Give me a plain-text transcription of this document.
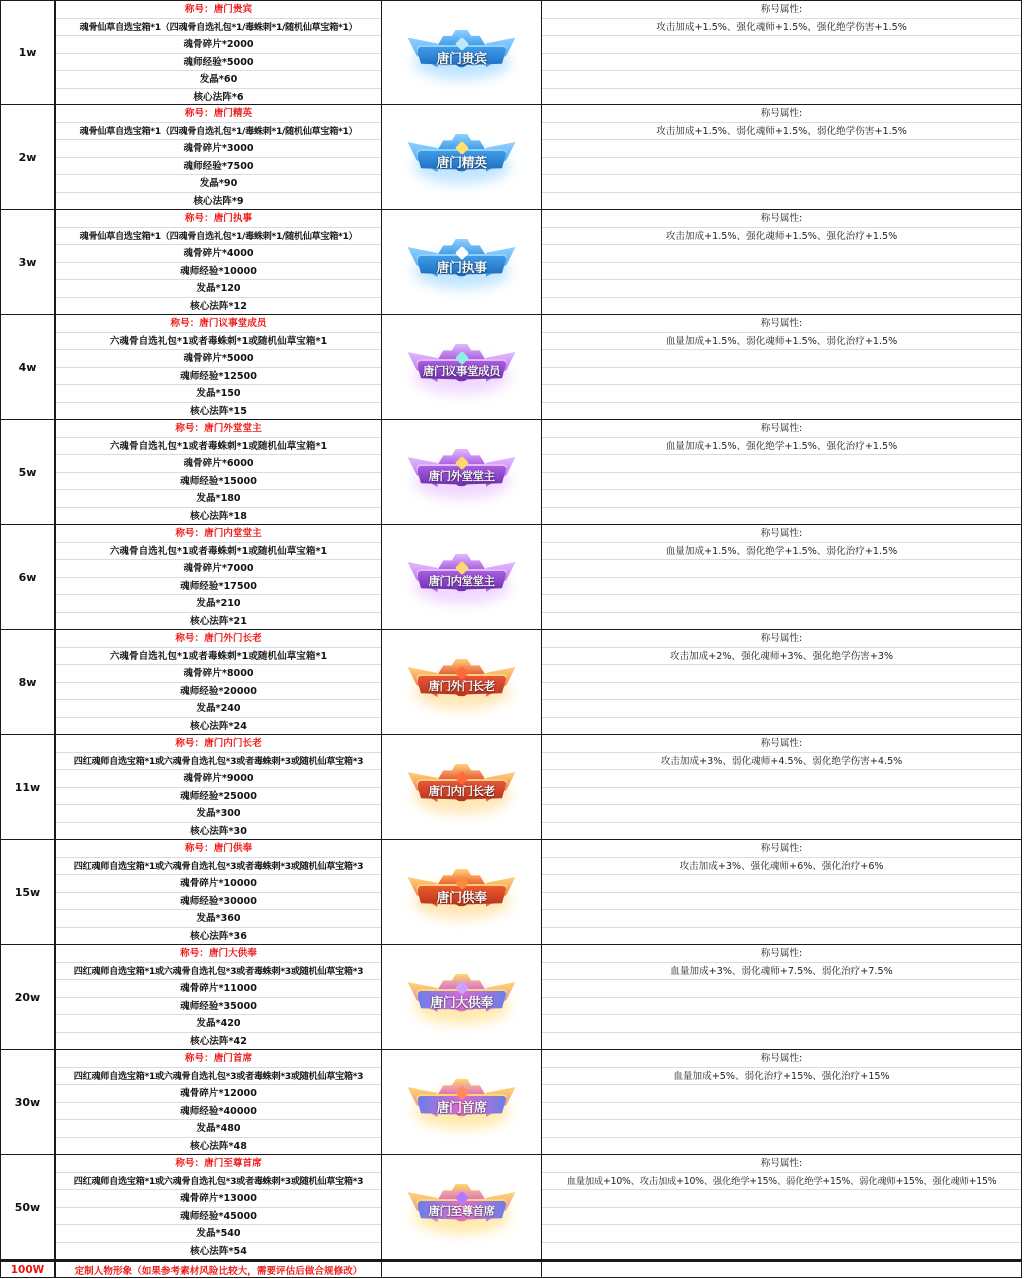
1w
称号：唐门贵宾
魂骨仙草自选宝箱*1（四魂骨自选礼包*1/毒蛛刺*1/随机仙草宝箱*1）
魂骨碎片*2000
魂师经验*5000
发晶*60
核心法阵*6
唐门贵宾
称号属性:
攻击加成+1.5%、强化魂师+1.5%、强化绝学伤害+1.5%
2w
称号：唐门精英
魂骨仙草自选宝箱*1（四魂骨自选礼包*1/毒蛛刺*1/随机仙草宝箱*1）
魂骨碎片*3000
魂师经验*7500
发晶*90
核心法阵*9
唐门精英
称号属性:
攻击加成+1.5%、弱化魂师+1.5%、弱化绝学伤害+1.5%
3w
称号：唐门执事
魂骨仙草自选宝箱*1（四魂骨自选礼包*1/毒蛛刺*1/随机仙草宝箱*1）
魂骨碎片*4000
魂师经验*10000
发晶*120
核心法阵*12
唐门执事
称号属性:
攻击加成+1.5%、强化魂师+1.5%、强化治疗+1.5%
4w
称号：唐门议事堂成员
六魂骨自选礼包*1或者毒蛛刺*1或随机仙草宝箱*1
魂骨碎片*5000
魂师经验*12500
发晶*150
核心法阵*15
唐门议事堂成员
称号属性:
血量加成+1.5%、弱化魂师+1.5%、弱化治疗+1.5%
5w
称号：唐门外堂堂主
六魂骨自选礼包*1或者毒蛛刺*1或随机仙草宝箱*1
魂骨碎片*6000
魂师经验*15000
发晶*180
核心法阵*18
唐门外堂堂主
称号属性:
血量加成+1.5%、强化绝学+1.5%、强化治疗+1.5%
6w
称号：唐门内堂堂主
六魂骨自选礼包*1或者毒蛛刺*1或随机仙草宝箱*1
魂骨碎片*7000
魂师经验*17500
发晶*210
核心法阵*21
唐门内堂堂主
称号属性:
血量加成+1.5%、弱化绝学+1.5%、弱化治疗+1.5%
8w
称号：唐门外门长老
六魂骨自选礼包*1或者毒蛛刺*1或随机仙草宝箱*1
魂骨碎片*8000
魂师经验*20000
发晶*240
核心法阵*24
唐门外门长老
称号属性:
攻击加成+2%、强化魂师+3%、强化绝学伤害+3%
11w
称号：唐门内门长老
四红魂师自选宝箱*1或六魂骨自选礼包*3或者毒蛛刺*3或随机仙草宝箱*3
魂骨碎片*9000
魂师经验*25000
发晶*300
核心法阵*30
唐门内门长老
称号属性:
攻击加成+3%、弱化魂师+4.5%、弱化绝学伤害+4.5%
15w
称号：唐门供奉
四红魂师自选宝箱*1或六魂骨自选礼包*3或者毒蛛刺*3或随机仙草宝箱*3
魂骨碎片*10000
魂师经验*30000
发晶*360
核心法阵*36
唐门供奉
称号属性:
攻击加成+3%、强化魂师+6%、强化治疗+6%
20w
称号：唐门大供奉
四红魂师自选宝箱*1或六魂骨自选礼包*3或者毒蛛刺*3或随机仙草宝箱*3
魂骨碎片*11000
魂师经验*35000
发晶*420
核心法阵*42
唐门大供奉
称号属性:
血量加成+3%、弱化魂师+7.5%、弱化治疗+7.5%
30w
称号：唐门首席
四红魂师自选宝箱*1或六魂骨自选礼包*3或者毒蛛刺*3或随机仙草宝箱*3
魂骨碎片*12000
魂师经验*40000
发晶*480
核心法阵*48
唐门首席
称号属性:
血量加成+5%、弱化治疗+15%、强化治疗+15%
50w
称号：唐门至尊首席
四红魂师自选宝箱*1或六魂骨自选礼包*3或者毒蛛刺*3或随机仙草宝箱*3
魂骨碎片*13000
魂师经验*45000
发晶*540
核心法阵*54
唐门至尊首席
称号属性:
血量加成+10%、攻击加成+10%、强化绝学+15%、弱化绝学+15%、弱化魂师+15%、强化魂师+15%
100W	定制人物形象（如果参考素材风险比较大，需要评估后做合规修改）
